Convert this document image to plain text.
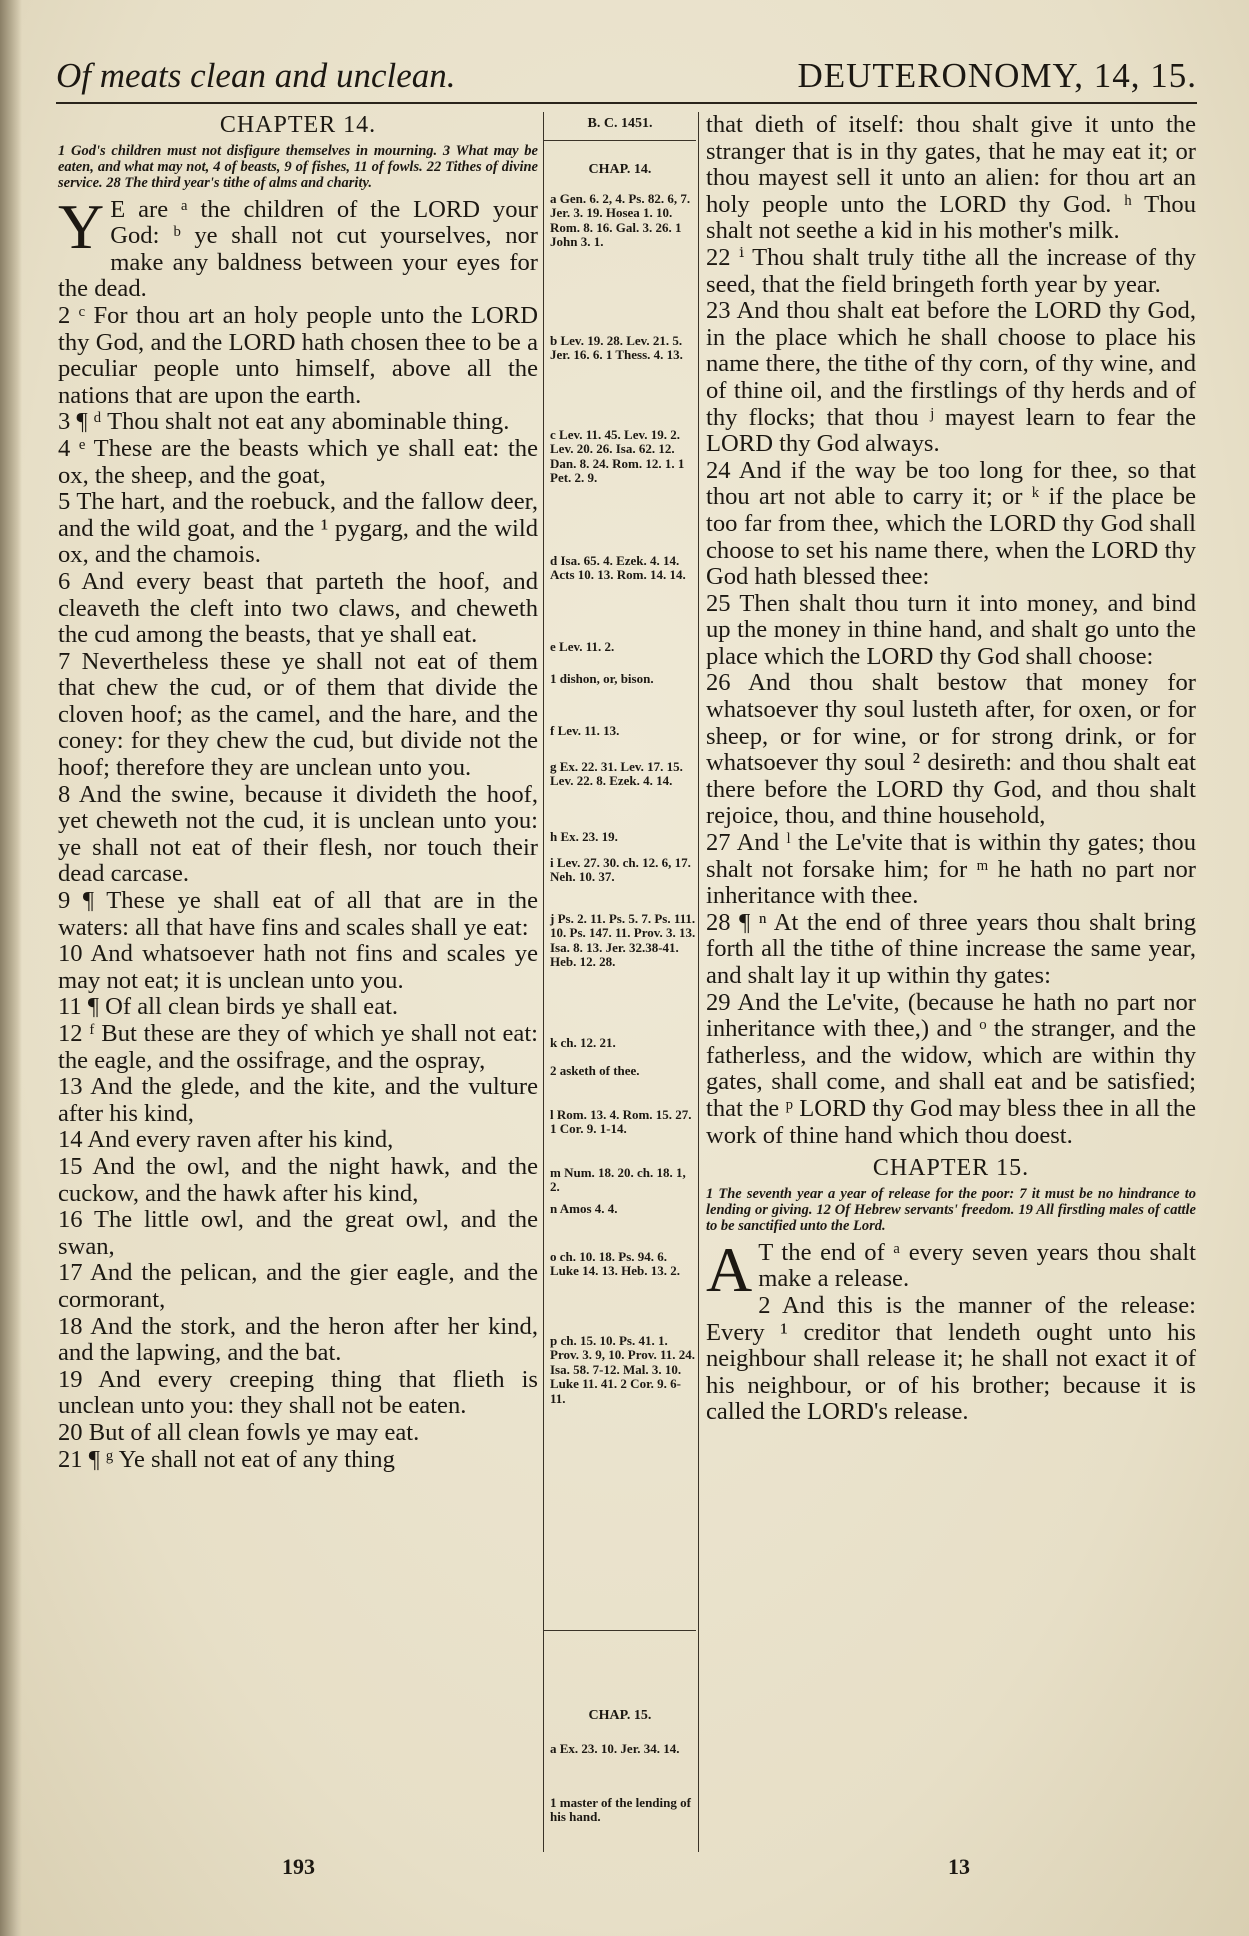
Of meats clean and unclean.	DEUTERONOMY, 14, 15.
CHAPTER 14.
1 God's children must not disfigure themselves in mourning. 3 What may be eaten, and what may not, 4 of beasts, 9 of fishes, 11 of fowls. 22 Tithes of divine service. 28 The third year's tithe of alms and charity.

Y E are ᵃ the children of the LORD your God: ᵇ ye shall not cut yourselves, nor make any baldness between your eyes for the dead.

2 ᶜ For thou art an holy people unto the LORD thy God, and the LORD hath chosen thee to be a peculiar people unto himself, above all the nations that are upon the earth.

3 ¶ ᵈ Thou shalt not eat any abominable thing.

4 ᵉ These are the beasts which ye shall eat: the ox, the sheep, and the goat,

5 The hart, and the roebuck, and the fallow deer, and the wild goat, and the ¹ pygarg, and the wild ox, and the chamois.

6 And every beast that parteth the hoof, and cleaveth the cleft into two claws, and cheweth the cud among the beasts, that ye shall eat.

7 Nevertheless these ye shall not eat of them that chew the cud, or of them that divide the cloven hoof; as the camel, and the hare, and the coney: for they chew the cud, but divide not the hoof; therefore they are unclean unto you.

8 And the swine, because it divideth the hoof, yet cheweth not the cud, it is unclean unto you: ye shall not eat of their flesh, nor touch their dead carcase.

9 ¶ These ye shall eat of all that are in the waters: all that have fins and scales shall ye eat:

10 And whatsoever hath not fins and scales ye may not eat; it is unclean unto you.

11 ¶ Of all clean birds ye shall eat.

12 ᶠ But these are they of which ye shall not eat: the eagle, and the ossifrage, and the ospray,

13 And the glede, and the kite, and the vulture after his kind,

14 And every raven after his kind,

15 And the owl, and the night hawk, and the cuckow, and the hawk after his kind,

16 The little owl, and the great owl, and the swan,

17 And the pelican, and the gier eagle, and the cormorant,

18 And the stork, and the heron after her kind, and the lapwing, and the bat.

19 And every creeping thing that flieth is unclean unto you: they shall not be eaten.

20 But of all clean fowls ye may eat.

21 ¶ ᵍ Ye shall not eat of any thing

B. C. 1451.
CHAP. 14.
a Gen. 6. 2, 4. Ps. 82. 6, 7. Jer. 3. 19. Hosea 1. 10. Rom. 8. 16. Gal. 3. 26. 1 John 3. 1.
b Lev. 19. 28. Lev. 21. 5. Jer. 16. 6. 1 Thess. 4. 13.
c Lev. 11. 45. Lev. 19. 2. Lev. 20. 26. Isa. 62. 12. Dan. 8. 24. Rom. 12. 1. 1 Pet. 2. 9.
d Isa. 65. 4. Ezek. 4. 14. Acts 10. 13. Rom. 14. 14.
e Lev. 11. 2.
1 dishon, or, bison.
f Lev. 11. 13.
g Ex. 22. 31. Lev. 17. 15. Lev. 22. 8. Ezek. 4. 14.
h Ex. 23. 19.
i Lev. 27. 30. ch. 12. 6, 17. Neh. 10. 37.
j Ps. 2. 11. Ps. 5. 7. Ps. 111. 10. Ps. 147. 11. Prov. 3. 13. Isa. 8. 13. Jer. 32.38-41. Heb. 12. 28.
k ch. 12. 21.
2 asketh of thee.
l Rom. 13. 4. Rom. 15. 27. 1 Cor. 9. 1-14.
m Num. 18. 20. ch. 18. 1, 2.
n Amos 4. 4.
o ch. 10. 18. Ps. 94. 6. Luke 14. 13. Heb. 13. 2.
p ch. 15. 10. Ps. 41. 1. Prov. 3. 9, 10. Prov. 11. 24. Isa. 58. 7-12. Mal. 3. 10. Luke 11. 41. 2 Cor. 9. 6-11.
CHAP. 15.
a Ex. 23. 10. Jer. 34. 14.
1 master of the lending of his hand.

that dieth of itself: thou shalt give it unto the stranger that is in thy gates, that he may eat it; or thou mayest sell it unto an alien: for thou art an holy people unto the LORD thy God. ʰ Thou shalt not seethe a kid in his mother's milk.

22 ⁱ Thou shalt truly tithe all the increase of thy seed, that the field bringeth forth year by year.

23 And thou shalt eat before the LORD thy God, in the place which he shall choose to place his name there, the tithe of thy corn, of thy wine, and of thine oil, and the firstlings of thy herds and of thy flocks; that thou ʲ mayest learn to fear the LORD thy God always.

24 And if the way be too long for thee, so that thou art not able to carry it; or ᵏ if the place be too far from thee, which the LORD thy God shall choose to set his name there, when the LORD thy God hath blessed thee:

25 Then shalt thou turn it into money, and bind up the money in thine hand, and shalt go unto the place which the LORD thy God shall choose:

26 And thou shalt bestow that money for whatsoever thy soul lusteth after, for oxen, or for sheep, or for wine, or for strong drink, or for whatsoever thy soul ² desireth: and thou shalt eat there before the LORD thy God, and thou shalt rejoice, thou, and thine household,

27 And ˡ the Le'vite that is within thy gates; thou shalt not forsake him; for ᵐ he hath no part nor inheritance with thee.

28 ¶ ⁿ At the end of three years thou shalt bring forth all the tithe of thine increase the same year, and shalt lay it up within thy gates:

29 And the Le'vite, (because he hath no part nor inheritance with thee,) and ᵒ the stranger, and the fatherless, and the widow, which are within thy gates, shall come, and shall eat and be satisfied; that the ᵖ LORD thy God may bless thee in all the work of thine hand which thou doest.

CHAPTER 15.
1 The seventh year a year of release for the poor: 7 it must be no hindrance to lending or giving. 12 Of Hebrew servants' freedom. 19 All firstling males of cattle to be sanctified unto the Lord.

A T the end of ᵃ every seven years thou shalt make a release.

2 And this is the manner of the release: Every ¹ creditor that lendeth ought unto his neighbour shall release it; he shall not exact it of his neighbour, or of his brother; because it is called the LORD's release.

193	13
